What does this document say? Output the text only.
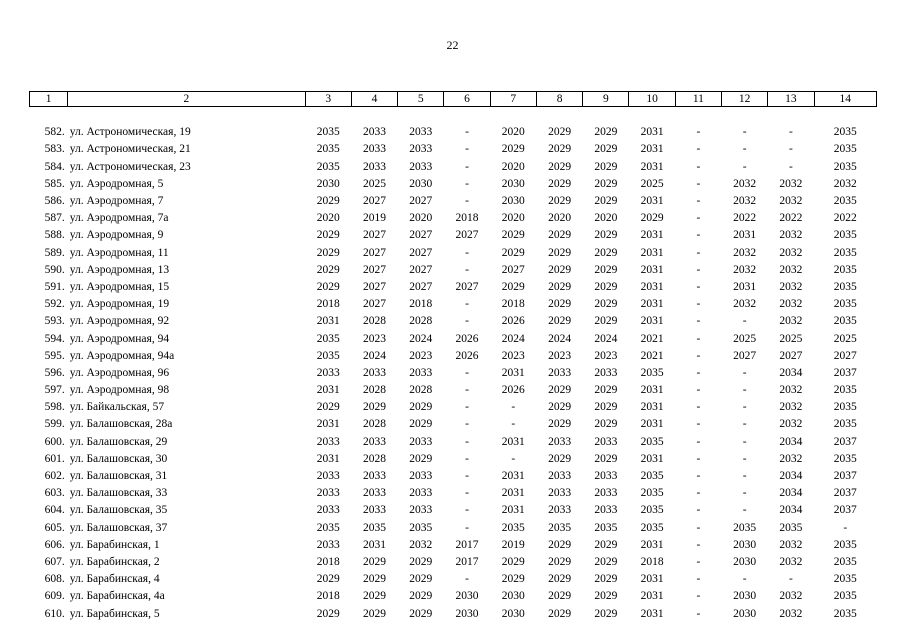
22
1	2	3	4	5	6	7	8	9	10	11	12	13	14

582.	ул. Астрономическая, 19	2035	2033	2033	-	2020	2029	2029	2031	-	-	-	2035
583.	ул. Астрономическая, 21	2035	2033	2033	-	2029	2029	2029	2031	-	-	-	2035
584.	ул. Астрономическая, 23	2035	2033	2033	-	2020	2029	2029	2031	-	-	-	2035
585.	ул. Аэродромная, 5	2030	2025	2030	-	2030	2029	2029	2025	-	2032	2032	2032
586.	ул. Аэродромная, 7	2029	2027	2027	-	2030	2029	2029	2031	-	2032	2032	2035
587.	ул. Аэродромная, 7а	2020	2019	2020	2018	2020	2020	2020	2029	-	2022	2022	2022
588.	ул. Аэродромная, 9	2029	2027	2027	2027	2029	2029	2029	2031	-	2031	2032	2035
589.	ул. Аэродромная, 11	2029	2027	2027	-	2029	2029	2029	2031	-	2032	2032	2035
590.	ул. Аэродромная, 13	2029	2027	2027	-	2027	2029	2029	2031	-	2032	2032	2035
591.	ул. Аэродромная, 15	2029	2027	2027	2027	2029	2029	2029	2031	-	2031	2032	2035
592.	ул. Аэродромная, 19	2018	2027	2018	-	2018	2029	2029	2031	-	2032	2032	2035
593.	ул. Аэродромная, 92	2031	2028	2028	-	2026	2029	2029	2031	-	-	2032	2035
594.	ул. Аэродромная, 94	2035	2023	2024	2026	2024	2024	2024	2021	-	2025	2025	2025
595.	ул. Аэродромная, 94а	2035	2024	2023	2026	2023	2023	2023	2021	-	2027	2027	2027
596.	ул. Аэродромная, 96	2033	2033	2033	-	2031	2033	2033	2035	-	-	2034	2037
597.	ул. Аэродромная, 98	2031	2028	2028	-	2026	2029	2029	2031	-	-	2032	2035
598.	ул. Байкальская, 57	2029	2029	2029	-	-	2029	2029	2031	-	-	2032	2035
599.	ул. Балашовская, 28а	2031	2028	2029	-	-	2029	2029	2031	-	-	2032	2035
600.	ул. Балашовская, 29	2033	2033	2033	-	2031	2033	2033	2035	-	-	2034	2037
601.	ул. Балашовская, 30	2031	2028	2029	-	-	2029	2029	2031	-	-	2032	2035
602.	ул. Балашовская, 31	2033	2033	2033	-	2031	2033	2033	2035	-	-	2034	2037
603.	ул. Балашовская, 33	2033	2033	2033	-	2031	2033	2033	2035	-	-	2034	2037
604.	ул. Балашовская, 35	2033	2033	2033	-	2031	2033	2033	2035	-	-	2034	2037
605.	ул. Балашовская, 37	2035	2035	2035	-	2035	2035	2035	2035	-	2035	2035	-
606.	ул. Барабинская, 1	2033	2031	2032	2017	2019	2029	2029	2031	-	2030	2032	2035
607.	ул. Барабинская, 2	2018	2029	2029	2017	2029	2029	2029	2018	-	2030	2032	2035
608.	ул. Барабинская, 4	2029	2029	2029	-	2029	2029	2029	2031	-	-	-	2035
609.	ул. Барабинская, 4а	2018	2029	2029	2030	2030	2029	2029	2031	-	2030	2032	2035
610.	ул. Барабинская, 5	2029	2029	2029	2030	2030	2029	2029	2031	-	2030	2032	2035
